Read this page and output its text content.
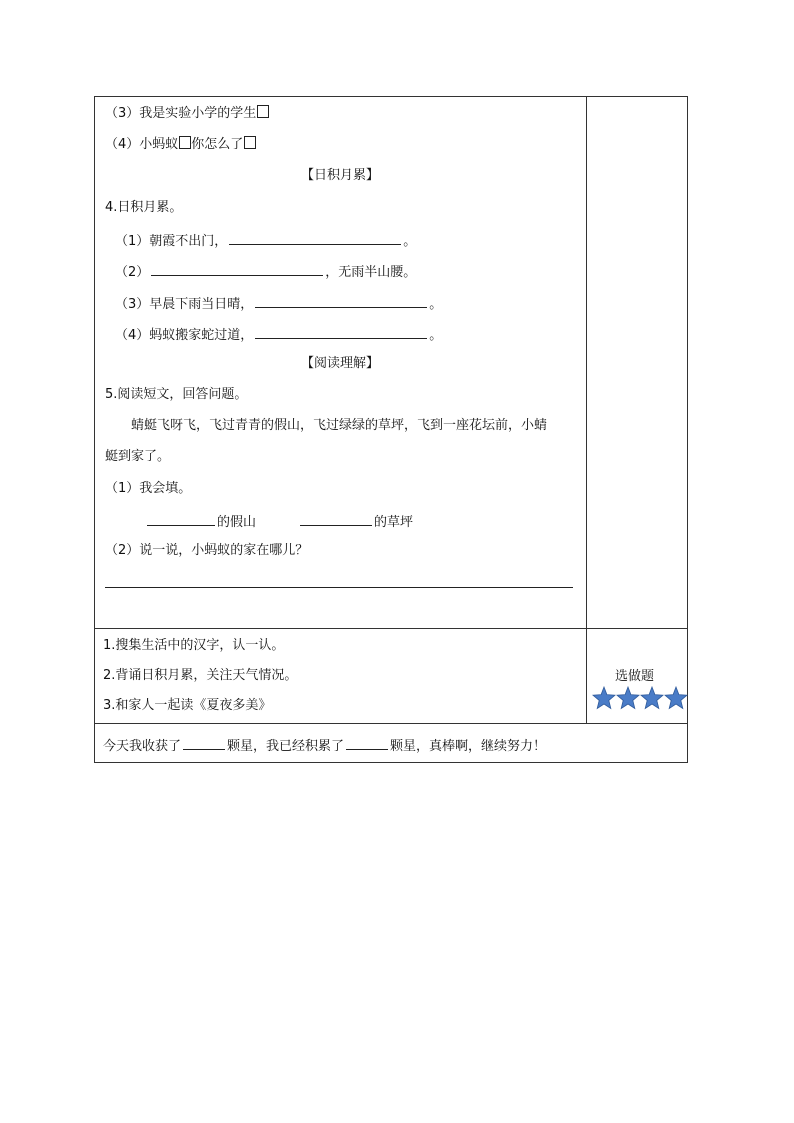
（3）我是实验小学的学生
（4）小蚂蚁 你怎么了
【日积月累】
4.日积月累。
（1）朝霞不出门，	。
（2）	，无雨半山腰。
（3）早晨下雨当日晴，	。
（4）蚂蚁搬家蛇过道，	。
【阅读理解】
5.阅读短文，回答问题。
蜻蜓飞呀飞，飞过青青的假山，飞过绿绿的草坪，飞到一座花坛前，小蜻
蜓到家了。
（1）我会填。
的假山	的草坪
（2）说一说，小蚂蚁的家在哪儿？
1.搜集生活中的汉字，认一认。
2.背诵日积月累，关注天气情况。
3.和家人一起读《夏夜多美》
选做题
今天我收获了	颗星，我已经积累了	颗星，真棒啊，继续努力！
